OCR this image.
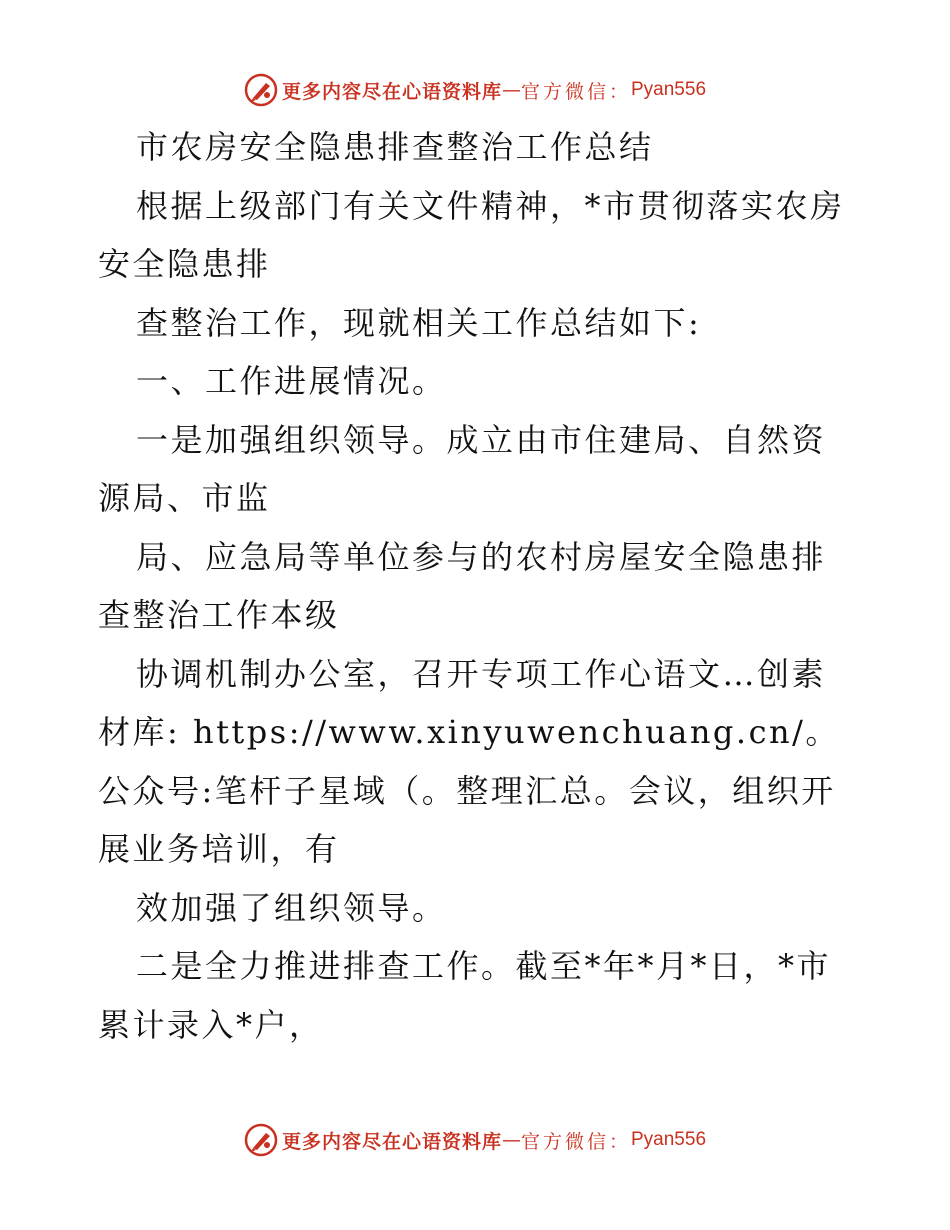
更多内容尽在心语资料库 — 官方微信： Pyan556

市农房安全隐患排查整治工作总结

根据上级部门有关文件精神，*市贯彻落实农房安全隐患排

查整治工作，现就相关工作总结如下:

一、工作进展情况。

一是加强组织领导。成立由市住建局、自然资源局、市监

局、应急局等单位参与的农村房屋安全隐患排查整治工作本级

协调机制办公室，召开专项工作心语文…创素材库: https://www.xinyuwenchuang.cn/。公众号:笔杆子星域（。整理汇总。会议，组织开展业务培训，有

效加强了组织领导。

二是全力推进排查工作。截至*年*月*日，*市累计录入*户，

更多内容尽在心语资料库 — 官方微信： Pyan556
